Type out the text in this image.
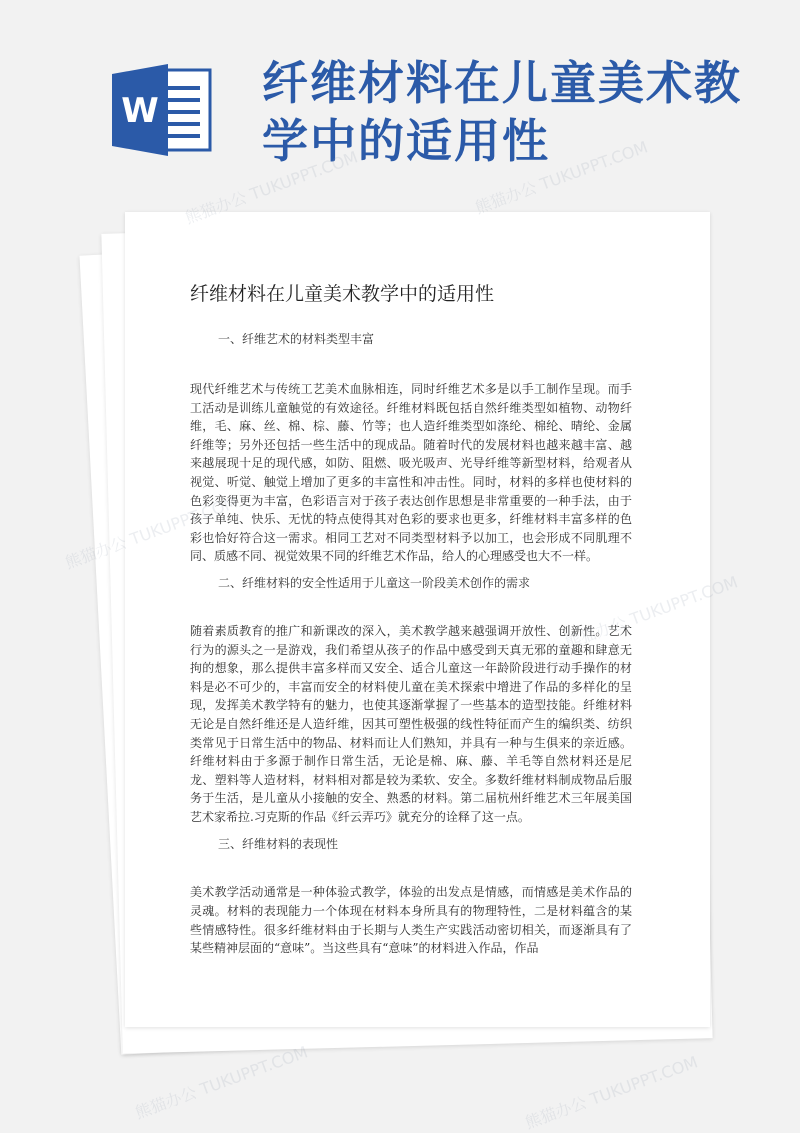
W
纤维材料在儿童美术教学中的适用性
纤维材料在儿童美术教学中的适用性
一、纤维艺术的材料类型丰富

现代纤维艺术与传统工艺美术血脉相连，同时纤维艺术多是以手工制作呈现。而手工活动是训练儿童触觉的有效途径。纤维材料既包括自然纤维类型如植物、动物纤维，毛、麻、丝、棉、棕、藤、竹等；也人造纤维类型如涤纶、棉纶、晴纶、金属纤维等；另外还包括一些生活中的现成品。随着时代的发展材料也越来越丰富、越来越展现十足的现代感，如防、阻燃、吸光吸声、光导纤维等新型材料，给观者从视觉、听觉、触觉上增加了更多的丰富性和冲击性。同时，材料的多样也使材料的色彩变得更为丰富，色彩语言对于孩子表达创作思想是非常重要的一种手法，由于孩子单纯、快乐、无忧的特点使得其对色彩的要求也更多，纤维材料丰富多样的色彩也恰好符合这一需求。相同工艺对不同类型材料予以加工，也会形成不同肌理不同、质感不同、视觉效果不同的纤维艺术作品，给人的心理感受也大不一样。

二、纤维材料的安全性适用于儿童这一阶段美术创作的需求

随着素质教育的推广和新课改的深入，美术教学越来越强调开放性、创新性。艺术行为的源头之一是游戏，我们希望从孩子的作品中感受到天真无邪的童趣和肆意无拘的想象，那么提供丰富多样而又安全、适合儿童这一年龄阶段进行动手操作的材料是必不可少的，丰富而安全的材料使儿童在美术探索中增进了作品的多样化的呈现，发挥美术教学特有的魅力，也使其逐渐掌握了一些基本的造型技能。纤维材料无论是自然纤维还是人造纤维，因其可塑性极强的线性特征而产生的编织类、纺织类常见于日常生活中的物品、材料而让人们熟知，并具有一种与生俱来的亲近感。纤维材料由于多源于制作日常生活，无论是棉、麻、藤、羊毛等自然材料还是尼龙、塑料等人造材料，材料相对都是较为柔软、安全。多数纤维材料制成物品后服务于生活，是儿童从小接触的安全、熟悉的材料。第二届杭州纤维艺术三年展美国艺术家希拉.习克斯的作品《纤云弄巧》就充分的诠释了这一点。

三、纤维材料的表现性

美术教学活动通常是一种体验式教学，体验的出发点是情感，而情感是美术作品的灵魂。材料的表现能力一个体现在材料本身所具有的物理特性，二是材料蕴含的某些情感特性。很多纤维材料由于长期与人类生产实践活动密切相关，而逐渐具有了某些精神层面的“意味”。当这些具有“意味”的材料进入作品，作品

熊猫办公 TUKUPPT.COM	熊猫办公 TUKUPPT.COM
熊猫办公 TUKUPPT.COM	熊猫办公 TUKUPPT.COM
